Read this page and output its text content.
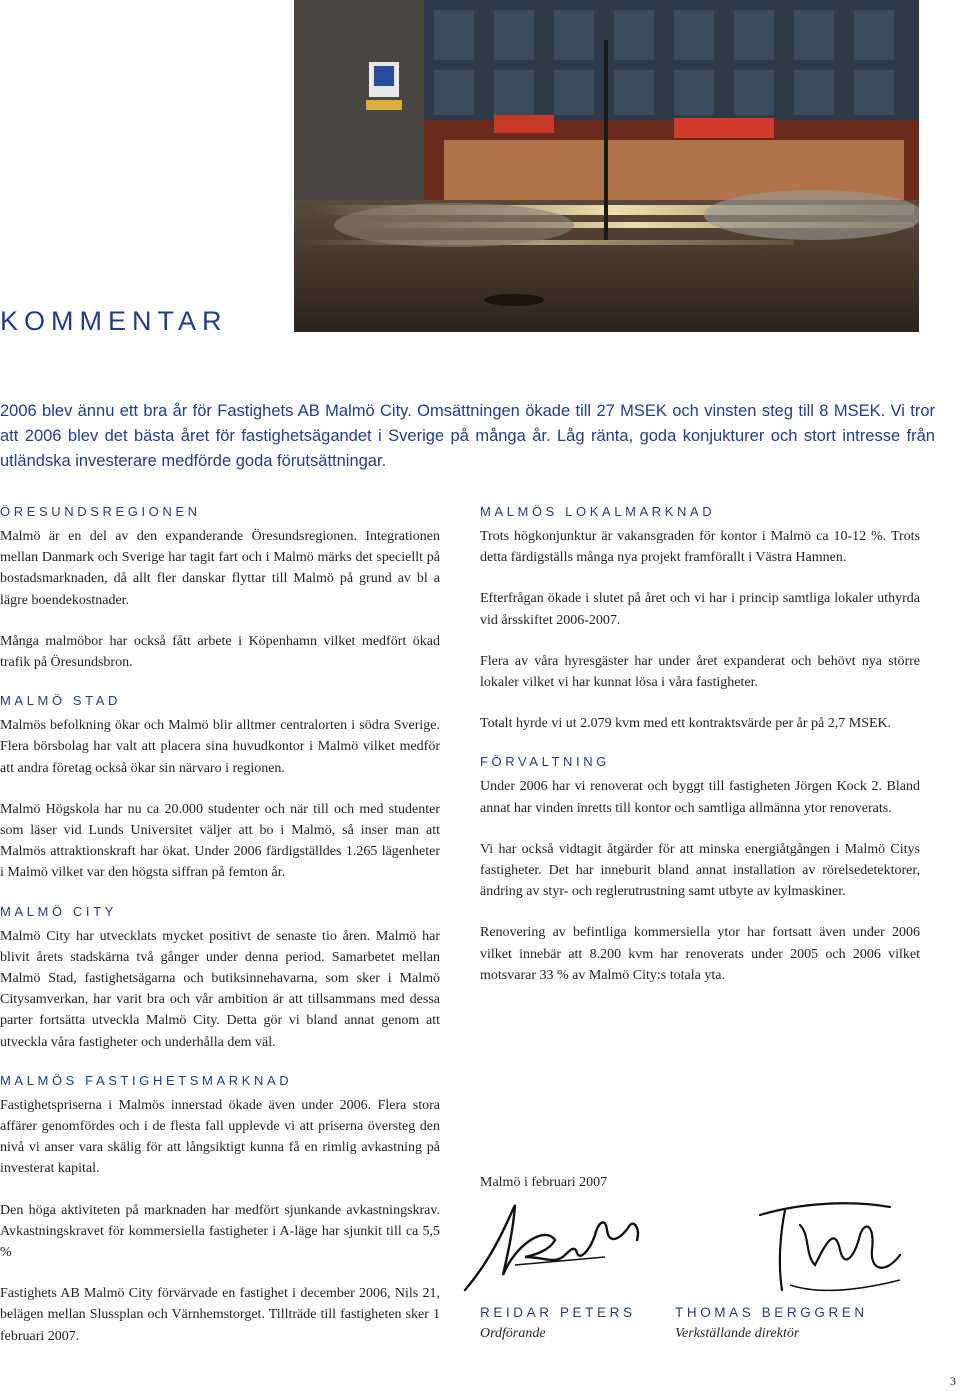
KOMMENTAR

2006 blev ännu ett bra år för Fastighets AB Malmö City. Omsättningen ökade till 27 MSEK och vinsten steg till 8 MSEK. Vi tror att 2006 blev det bästa året för fastighetsägandet i Sverige på många år. Låg ränta, goda konjukturer och stort intresse från utländska investerare medförde goda förutsättningar.

ÖRESUNDSREGIONEN

Malmö är en del av den expanderande Öresundsregionen. Integrationen mellan Danmark och Sverige har tagit fart och i Malmö märks det speciellt på bostadsmarknaden, då allt fler danskar flyttar till Malmö på grund av bl a lägre boendekostnader.

Många malmöbor har också fått arbete i Köpenhamn vilket medfört ökad trafik på Öresundsbron.

MALMÖ STAD

Malmös befolkning ökar och Malmö blir alltmer centralorten i södra Sverige. Flera börsbolag har valt att placera sina huvudkontor i Malmö vilket medför att andra företag också ökar sin närvaro i regionen.

Malmö Högskola har nu ca 20.000 studenter och när till och med studenter som läser vid Lunds Universitet väljer att bo i Malmö, så inser man att Malmös attraktionskraft har ökat. Under 2006 färdigställdes 1.265 lägenheter i Malmö vilket var den högsta siffran på femton år.

MALMÖ CITY

Malmö City har utvecklats mycket positivt de senaste tio åren. Malmö har blivit årets stadskärna två gånger under denna period. Samarbetet mellan Malmö Stad, fastighetsägarna och butiksinnehavarna, som sker i Malmö Citysamverkan, har varit bra och vår ambition är att tillsammans med dessa parter fortsätta utveckla Malmö City. Detta gör vi bland annat genom att utveckla våra fastigheter och underhålla dem väl.

MALMÖS FASTIGHETSMARKNAD

Fastighetspriserna i Malmös innerstad ökade även under 2006. Flera stora affärer genomfördes och i de flesta fall upplevde vi att priserna översteg den nivå vi anser vara skälig för att långsiktigt kunna få en rimlig avkastning på investerat kapital.

Den höga aktiviteten på marknaden har medfört sjunkande avkastningskrav. Avkastningskravet för kommersiella fastigheter i A-läge har sjunkit till ca 5,5 %

Fastighets AB Malmö City förvärvade en fastighet i december 2006, Nils 21, belägen mellan Slussplan och Värnhemstorget. Tillträde till fastigheten sker 1 februari 2007.

MALMÖS LOKALMARKNAD

Trots högkonjunktur är vakansgraden för kontor i Malmö ca 10-12 %. Trots detta färdigställs många nya projekt framförallt i Västra Hamnen.

Efterfrågan ökade i slutet på året och vi har i princip samtliga lokaler uthyrda vid årsskiftet 2006-2007.

Flera av våra hyresgäster har under året expanderat och behövt nya större lokaler vilket vi har kunnat lösa i våra fastigheter.

Totalt hyrde vi ut 2.079 kvm med ett kontraktsvärde per år på 2,7 MSEK.

FÖRVALTNING

Under 2006 har vi renoverat och byggt till fastigheten Jörgen Kock 2. Bland annat har vinden inretts till kontor och samtliga allmänna ytor renoverats.

Vi har också vidtagit åtgärder för att minska energiåtgången i Malmö Citys fastigheter. Det har inneburit bland annat installation av rörelsedetektorer, ändring av styr- och reglerutrustning samt utbyte av kylmaskiner.

Renovering av befintliga kommersiella ytor har fortsatt även under 2006 vilket innebär att 8.200 kvm har renoverats under 2005 och 2006 vilket motsvarar 33 % av Malmö City:s totala yta.

Malmö i februari 2007
REIDAR PETERS
Ordförande
THOMAS BERGGREN
Verkställande direktör
3
